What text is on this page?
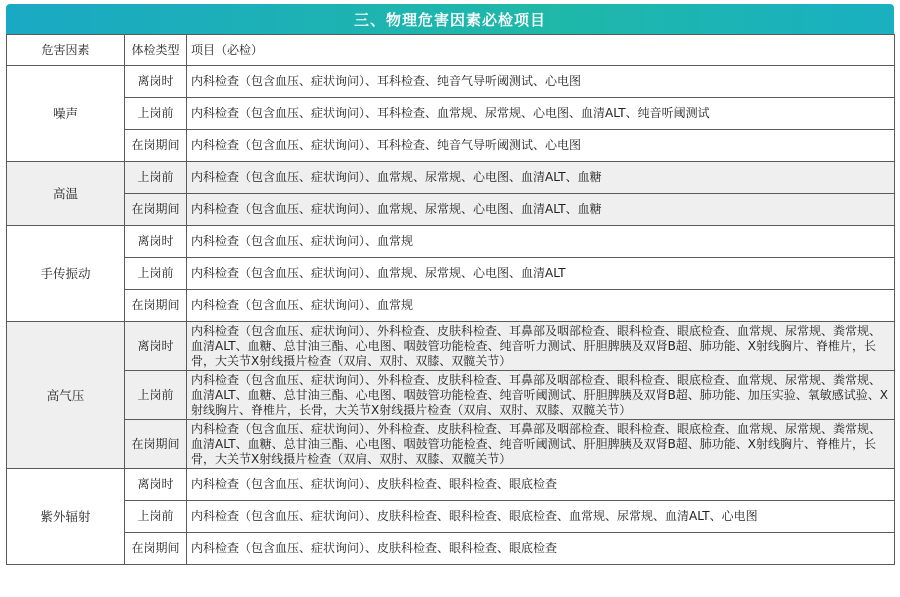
三、物理危害因素必检项目
危害因素	体检类型	项目（必检）
噪声	离岗时	内科检查（包含血压、症状询问）、耳科检查、纯音气导听阈测试、心电图
	上岗前	内科检查（包含血压、症状询问）、耳科检查、血常规、尿常规、心电图、血清ALT、纯音听阈测试
	在岗期间	内科检查（包含血压、症状询问）、耳科检查、纯音气导听阈测试、心电图
高温	上岗前	内科检查（包含血压、症状询问）、血常规、尿常规、心电图、血清ALT、血糖
	在岗期间	内科检查（包含血压、症状询问）、血常规、尿常规、心电图、血清ALT、血糖
手传振动	离岗时	内科检查（包含血压、症状询问）、血常规
	上岗前	内科检查（包含血压、症状询问）、血常规、尿常规、心电图、血清ALT
	在岗期间	内科检查（包含血压、症状询问）、血常规
高气压	离岗时	内科检查（包含血压、症状询问）、外科检查、皮肤科检查、耳鼻部及咽部检查、眼科检查、眼底检查、血常规、尿常规、粪常规、血清ALT、血糖、总甘油三酯、心电图、咽鼓管功能检查、纯音听力测试、肝胆脾胰及双肾B超、肺功能、X射线胸片、脊椎片，长骨，大关节X射线摄片检查（双肩、双肘、双膝、双髋关节）
	上岗前	内科检查（包含血压、症状询问）、外科检查、皮肤科检查、耳鼻部及咽部检查、眼科检查、眼底检查、血常规、尿常规、粪常规、血清ALT、血糖、总甘油三酯、心电图、咽鼓管功能检查、纯音听阈测试、肝胆脾胰及双肾B超、肺功能、加压实验、氧敏感试验、X射线胸片、脊椎片，长骨，大关节X射线摄片检查（双肩、双肘、双膝、双髋关节）
	在岗期间	内科检查（包含血压、症状询问）、外科检查、皮肤科检查、耳鼻部及咽部检查、眼科检查、眼底检查、血常规、尿常规、粪常规、血清ALT、血糖、总甘油三酯、心电图、咽鼓管功能检查、纯音听阈测试、肝胆脾胰及双肾B超、肺功能、X射线胸片、脊椎片，长骨，大关节X射线摄片检查（双肩、双肘、双膝、双髋关节）
紫外辐射	离岗时	内科检查（包含血压、症状询问）、皮肤科检查、眼科检查、眼底检查
	上岗前	内科检查（包含血压、症状询问）、皮肤科检查、眼科检查、眼底检查、血常规、尿常规、血清ALT、心电图
	在岗期间	内科检查（包含血压、症状询问）、皮肤科检查、眼科检查、眼底检查
